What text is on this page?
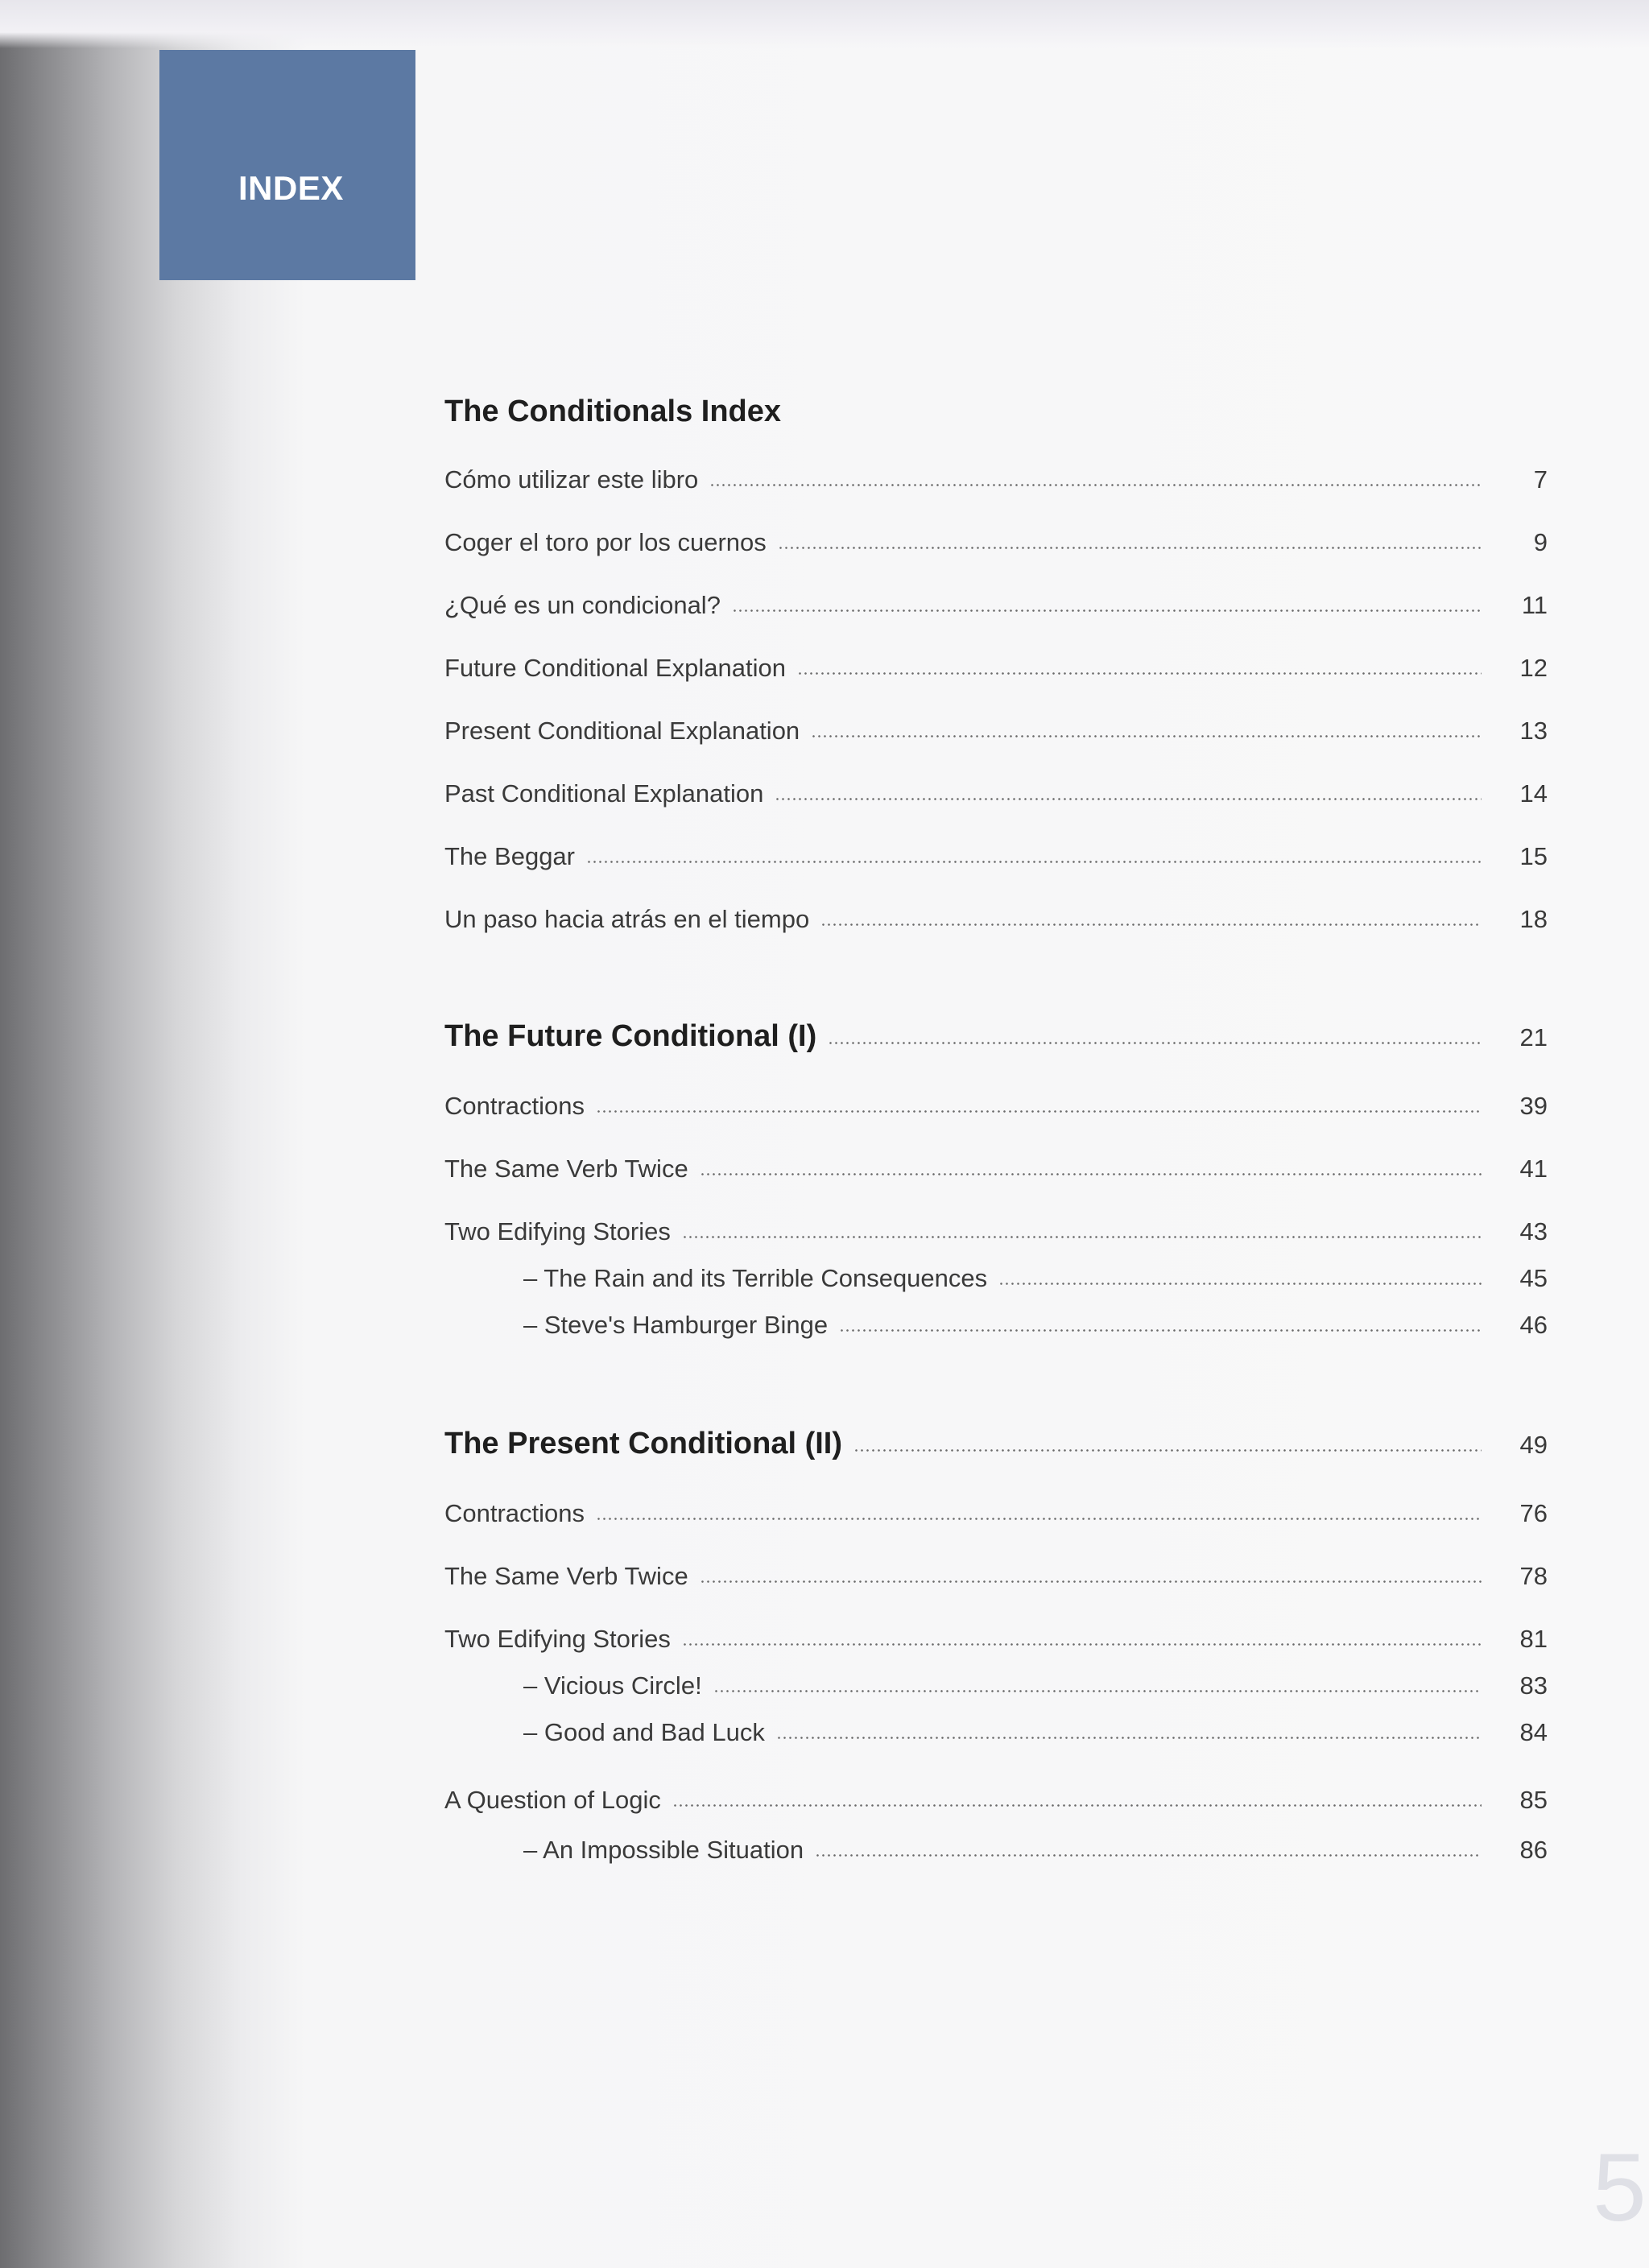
INDEX
The Conditionals Index
Cómo utilizar este libro	7
Coger el toro por los cuernos	9
¿Qué es un condicional?	11
Future Conditional Explanation	12
Present Conditional Explanation	13
Past Conditional Explanation	14
The Beggar	15
Un paso hacia atrás en el tiempo	18
The Future Conditional (I)	21
Contractions	39
The Same Verb Twice	41
Two Edifying Stories	43
– The Rain and its Terrible Consequences	45
– Steve's Hamburger Binge	46
The Present Conditional (II)	49
Contractions	76
The Same Verb Twice	78
Two Edifying Stories	81
– Vicious Circle!	83
– Good and Bad Luck	84
A Question of Logic	85
– An Impossible Situation	86
5
